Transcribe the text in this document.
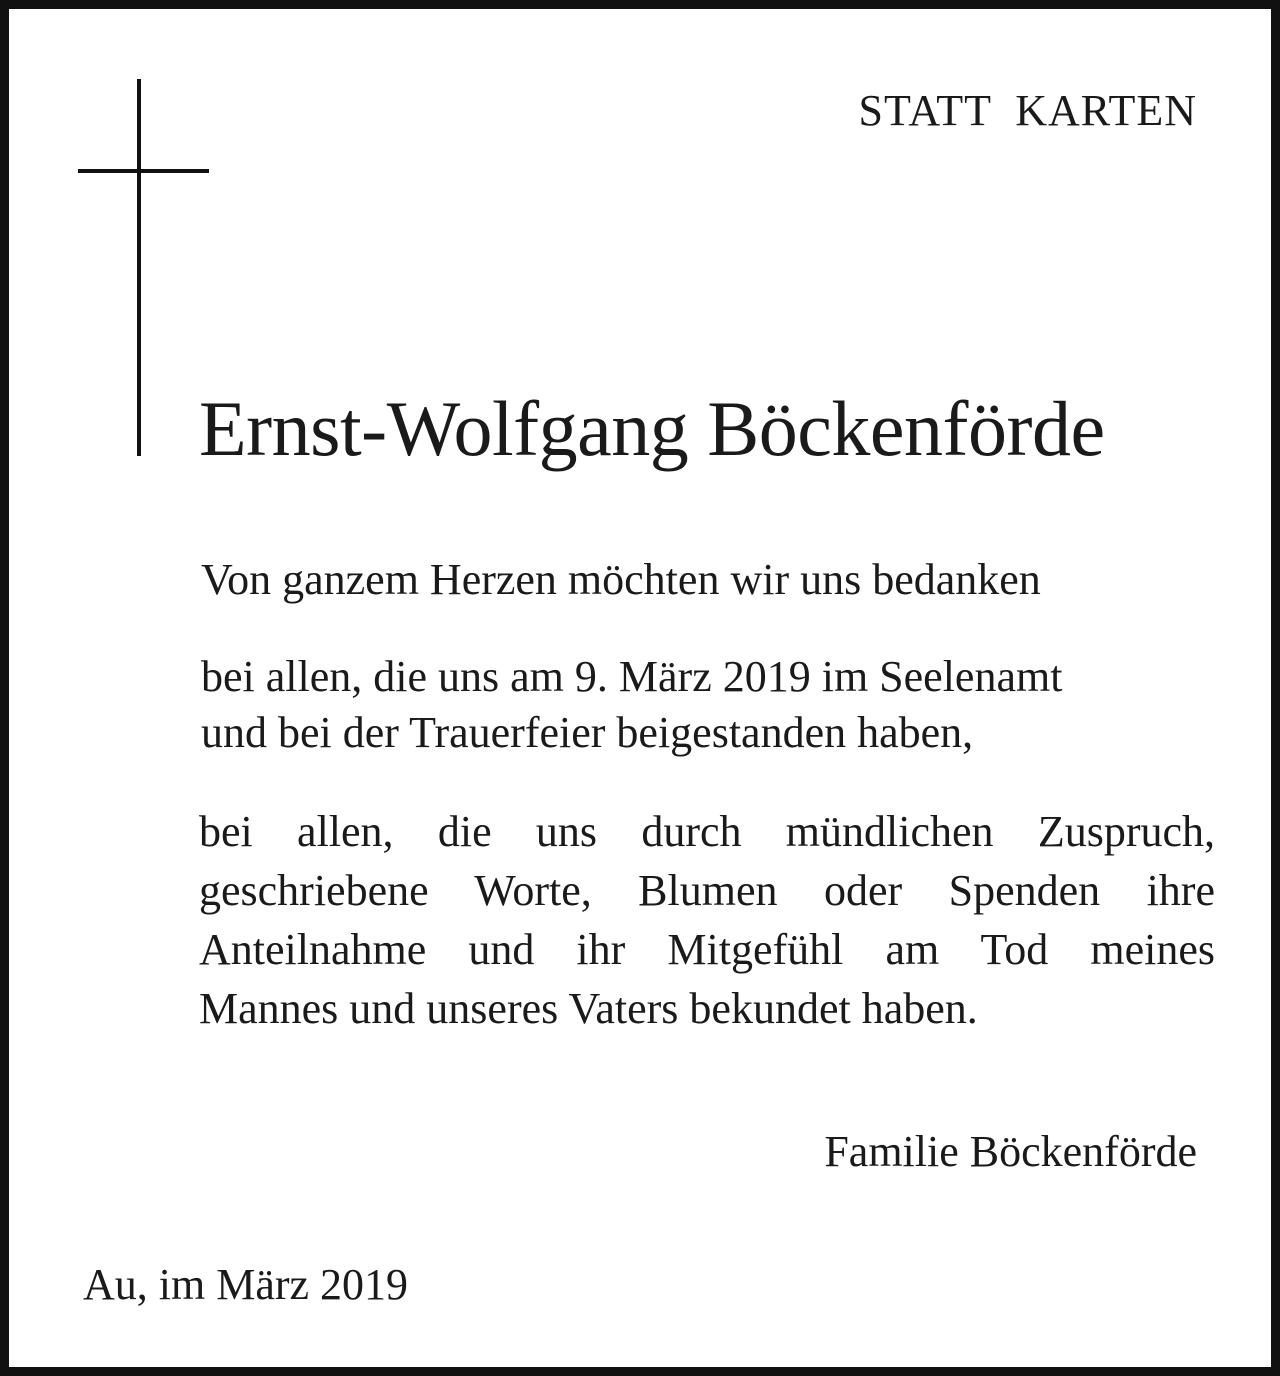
STATT  KARTEN
Ernst-Wolfgang Böckenförde
Von ganzem Herzen möchten wir uns bedanken
bei allen, die uns am 9. März 2019 im Seelenamt
und bei der Trauerfeier beigestanden haben,
bei allen, die uns durch mündlichen Zuspruch,
geschriebene Worte, Blumen oder Spenden ihre
Anteilnahme und ihr Mitgefühl am Tod meines
Mannes und unseres Vaters bekundet haben.
Familie Böckenförde
Au, im März 2019
